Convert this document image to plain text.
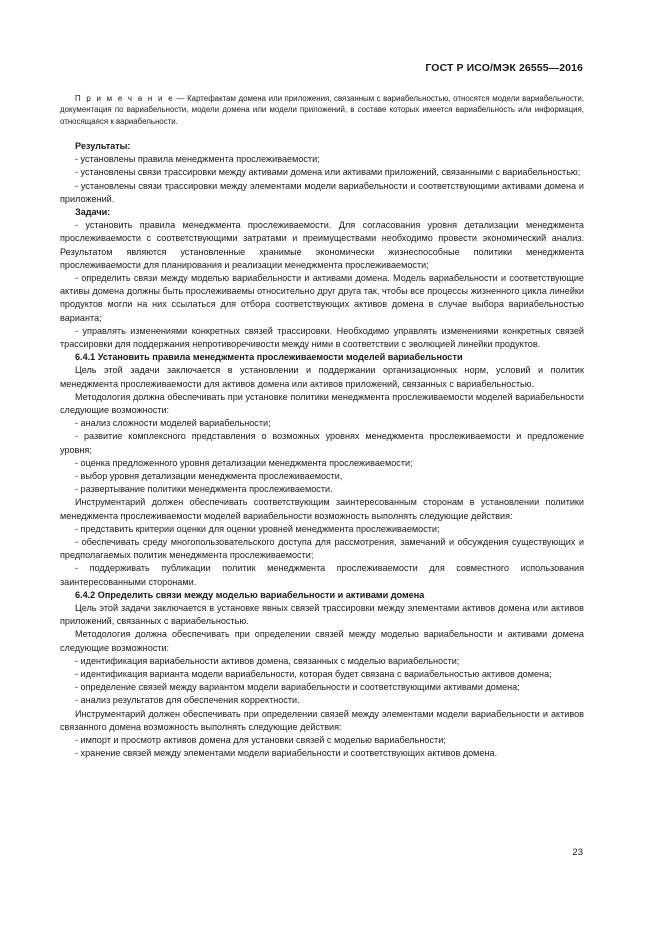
ГОСТ Р ИСО/МЭК 26555—2016

П р и м е ч а н и е — Картефактам домена или приложения, связанным с вариабельностью, относятся модели вариабельности, документация по вариабельности, модели домена или модели приложений, в составе которых имеется вариабельность или информация, относящаяся к вариабельности.

Результаты:

- установлены правила менеджмента прослеживаемости;

- установлены связи трассировки между активами домена или активами приложений, связанными с вариабельностью;

- установлены связи трассировки между элементами модели вариабельности и соответствующими активами домена и приложений.

Задачи:

- установить правила менеджмента прослеживаемости. Для согласования уровня детализации менеджмента прослеживаемости с соответствующими затратами и преимуществами необходимо провести экономический анализ. Результатом являются установленные хранимые экономически жизнеспособные политики менеджмента прослеживаемости для планирования и реализации менеджмента прослеживаемости;

- определить связи между моделью вариабельности и активами домена. Модель вариабельности и соответствующие активы домена должны быть прослеживаемы относительно друг друга так, чтобы все процессы жизненного цикла линейки продуктов могли на них ссылаться для отбора соответствующих активов домена в случае выбора вариабельностью варианта;

- управлять изменениями конкретных связей трассировки. Необходимо управлять изменениями конкретных связей трассировки для поддержания непротиворечивости между ними в соответствии с эволюцией линейки продуктов.

6.4.1 Установить правила менеджмента прослеживаемости моделей вариабельности

Цель этой задачи заключается в установлении и поддержании организационных норм, условий и политик менеджмента прослеживаемости для активов домена или активов приложений, связанных с вариабельностью.

Методология должна обеспечивать при установке политики менеджмента прослеживаемости моделей вариабельности следующие возможности:

- анализ сложности моделей вариабельности;

- развитие комплексного представления о возможных уровнях менеджмента прослеживаемости и предложение уровня;

- оценка предложенного уровня детализации менеджмента прослеживаемости;

- выбор уровня детализации менеджмента прослеживаемости,

- развертывание политики менеджмента прослеживаемости.

Инструментарий должен обеспечивать соответствующим заинтересованным сторонам в установлении политики менеджмента прослеживаемости моделей вариабельности возможность выполнять следующие действия:

- представить критерии оценки для оценки уровней менеджмента прослеживаемости;

- обеспечивать среду многопользовательского доступа для рассмотрения, замечаний и обсуждения существующих и предполагаемых политик менеджмента прослеживаемости;

- поддерживать публикации политик менеджмента прослеживаемости для совместного использования заинтересованными сторонами.

6.4.2 Определить связи между моделью вариабельности и активами домена

Цель этой задачи заключается в установке явных связей трассировки между элементами активов домена или активов приложений, связанных с вариабельностью.

Методология должна обеспечивать при определении связей между моделью вариабельности и активами домена следующие возможности:

- идентификация вариабельности активов домена, связанных с моделью вариабельности;

- идентификация варианта модели вариабельности, которая будет связана с вариабельностью активов домена;

- определение связей между вариантом модели вариабельности и соответствующими активами домена;

- анализ результатов для обеспечения корректности.

Инструментарий должен обеспечивать при определении связей между элементами модели вариабельности и активов связанного домена возможность выполнять следующие действия:

- импорт и просмотр активов домена для установки связей с моделью вариабельности;

- хранение связей между элементами модели вариабельности и соответствующих активов домена.

23
